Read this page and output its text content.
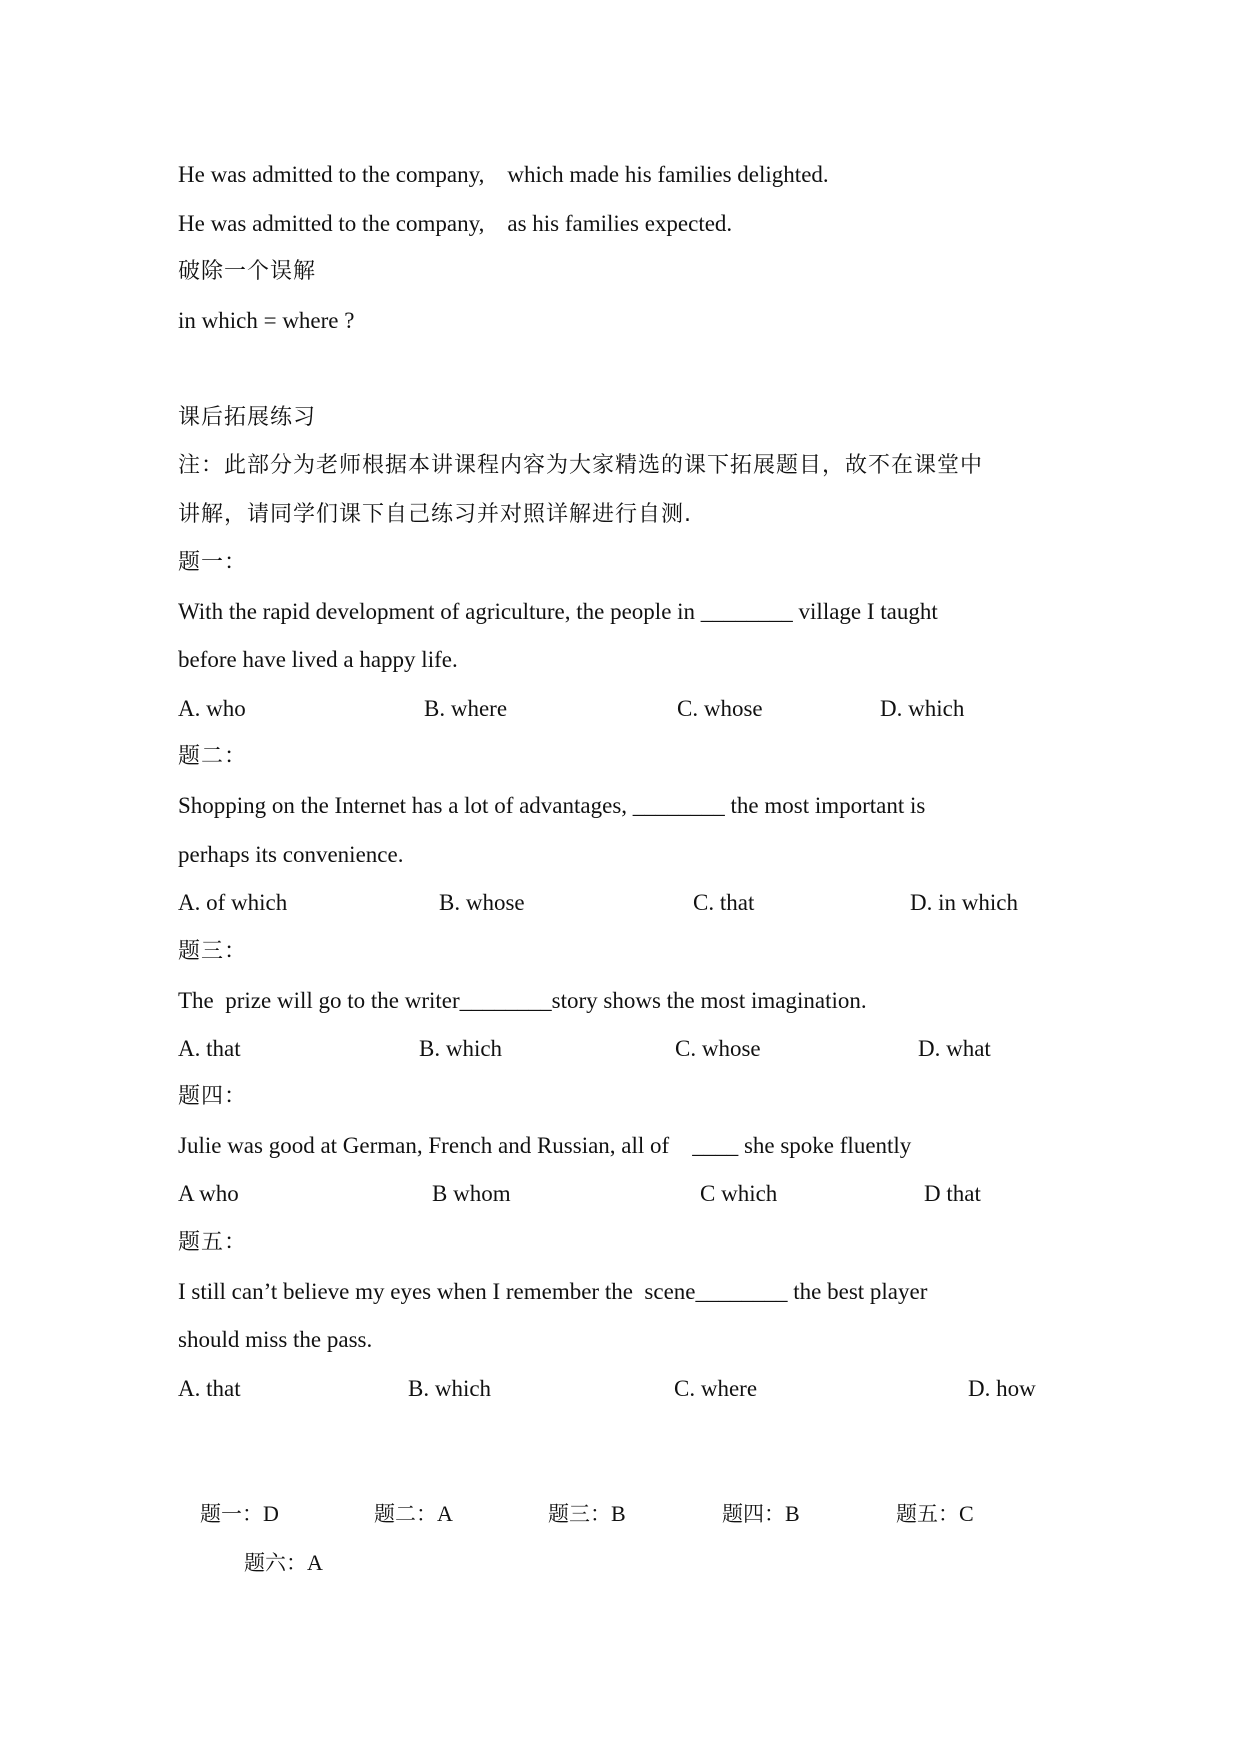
He was admitted to the company,    which made his families delighted.
He was admitted to the company,    as his families expected.
破除一个误解
in which = where ?
课后拓展练习
注：此部分为老师根据本讲课程内容为大家精选的课下拓展题目，故不在课堂中
讲解，请同学们课下自己练习并对照详解进行自测.
题一：
With the rapid development of agriculture, the people in ________ village I taught
before have lived a happy life.
A. who	B. where	C. whose	D. which
题二：
Shopping on the Internet has a lot of advantages, ________ the most important is
perhaps its convenience.
A. of which	B. whose	C. that	D. in which
题三：
The  prize will go to the writer________story shows the most imagination.
A. that	B. which	C. whose	D. what
题四：
Julie was good at German, French and Russian, all of    ____ she spoke fluently
A who	B whom	C which	D that
题五：
I still can’t believe my eyes when I remember the  scene________ the best player
should miss the pass.
A. that	B. which	C. where	D. how

题一：D
	题二：A
	题三：B
	题四：B
	题五：C

题六：A
